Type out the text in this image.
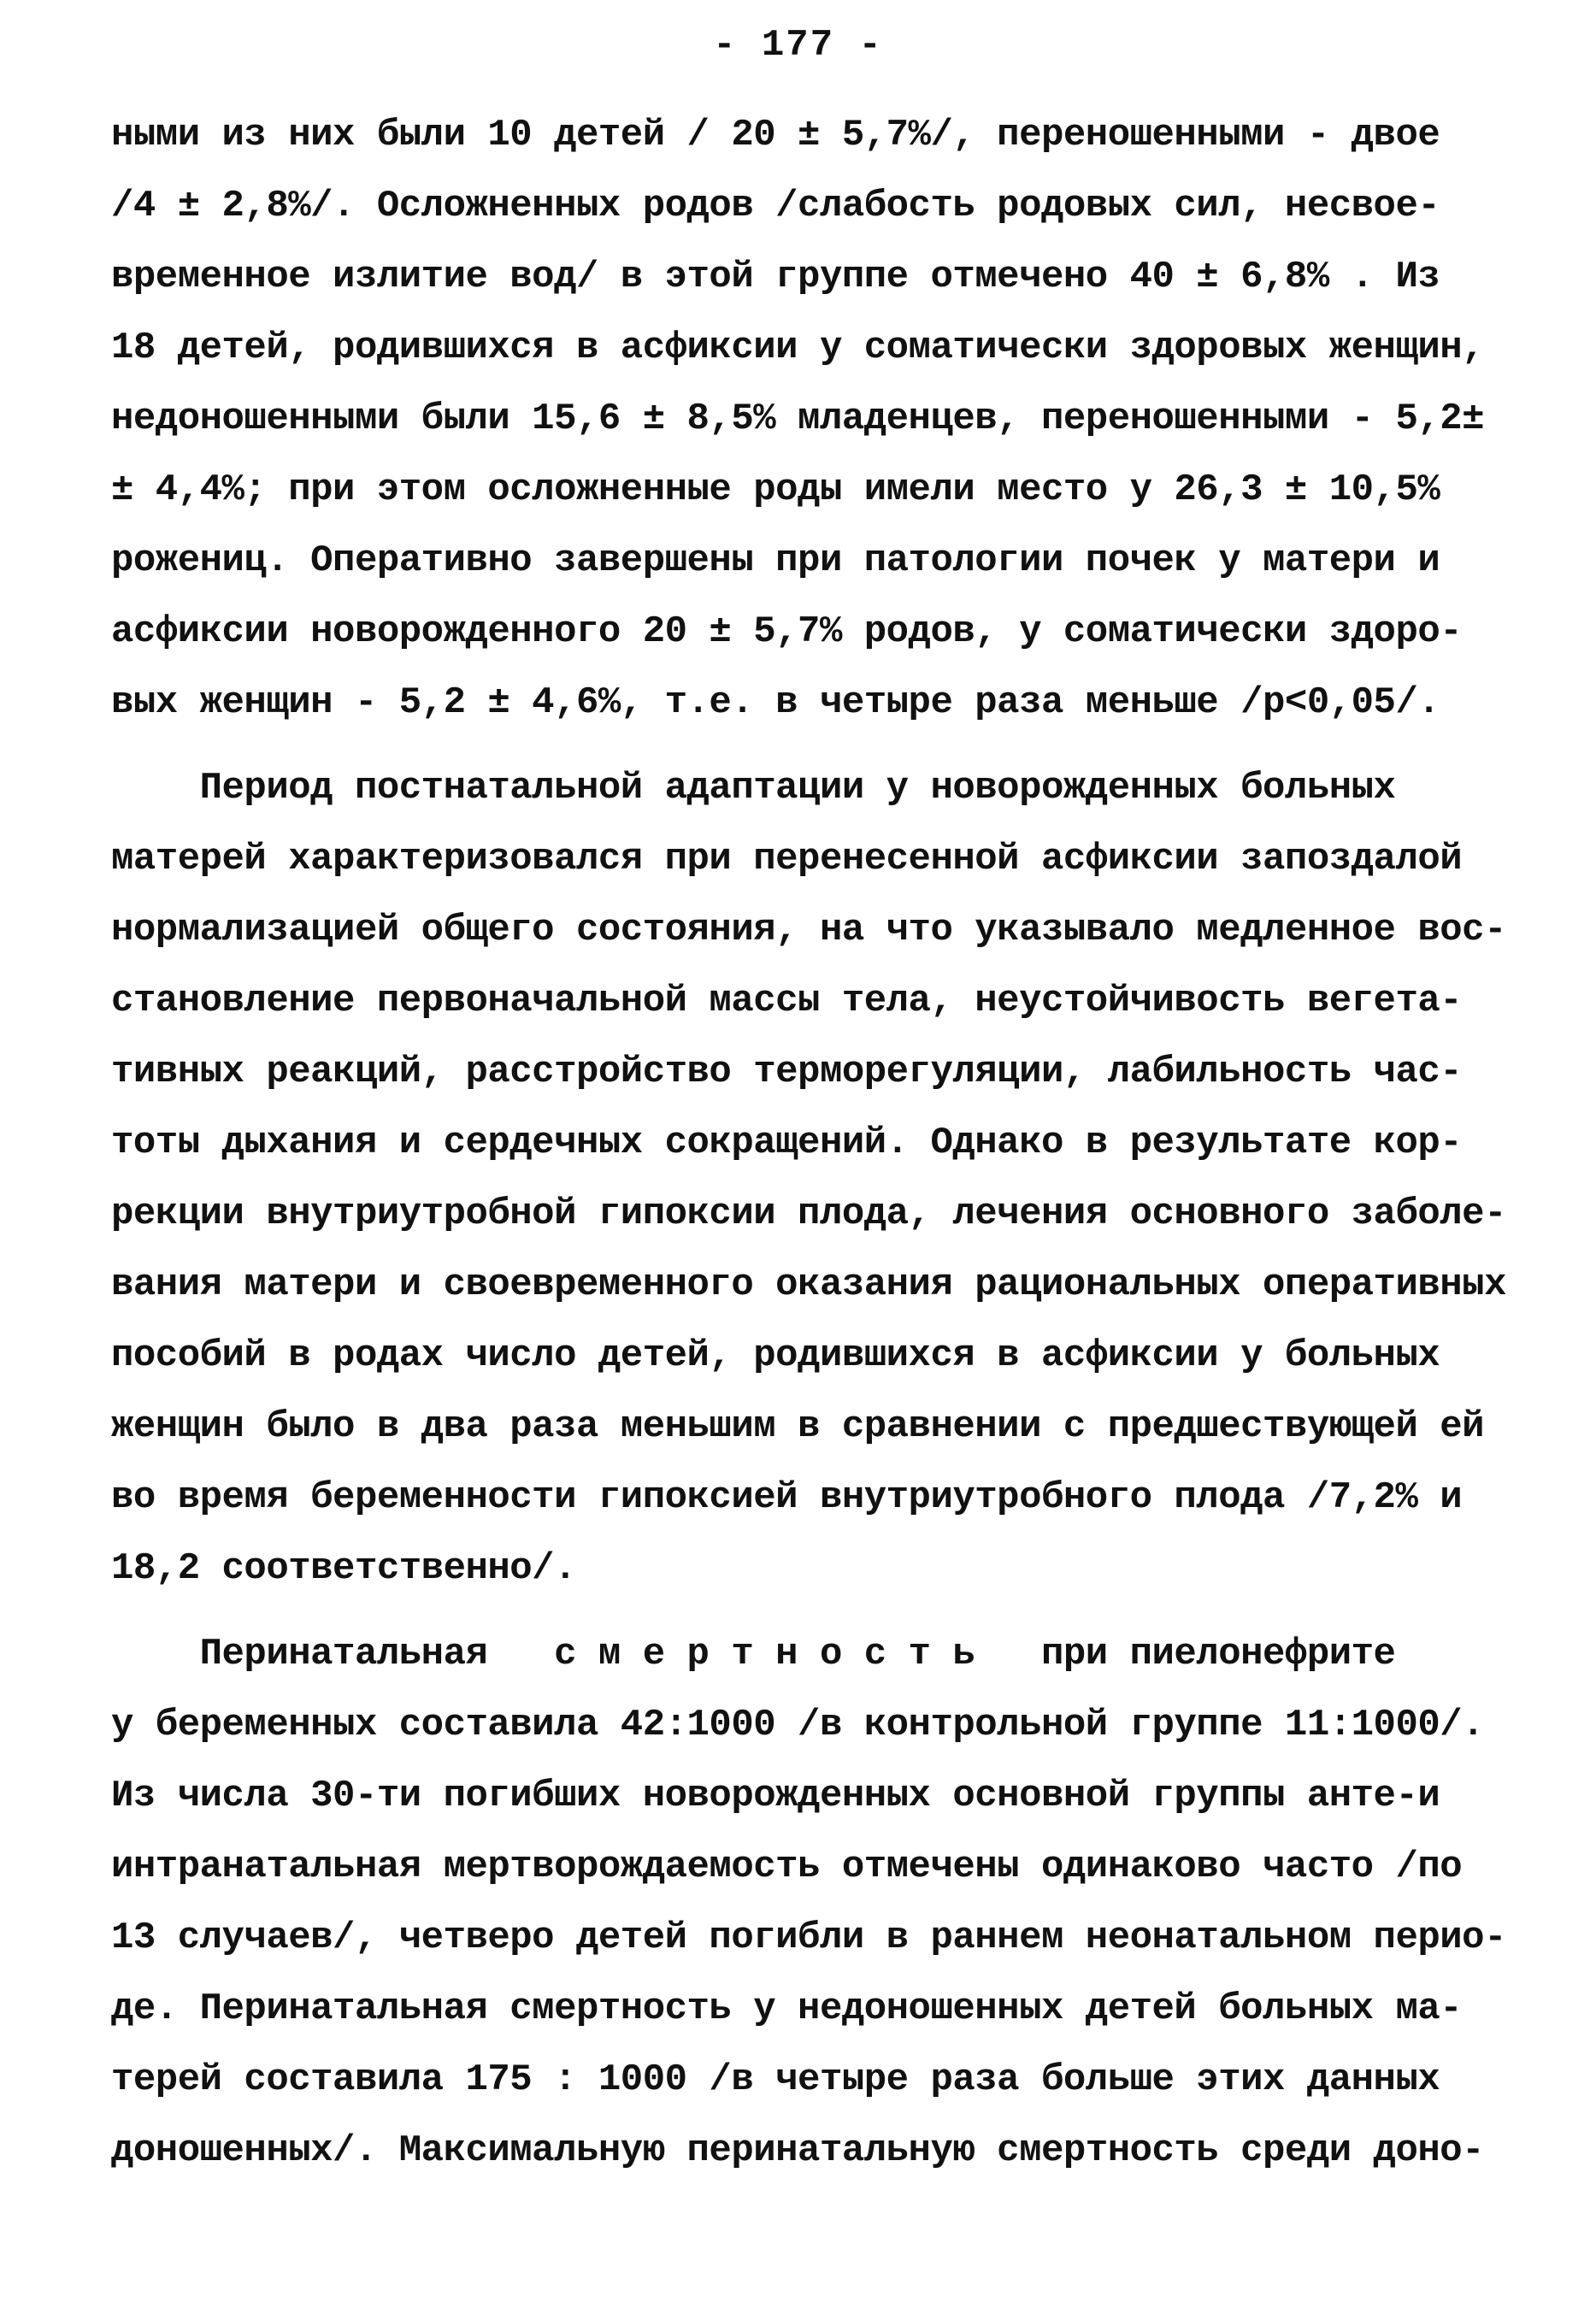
- 177 -
ными из них были 10 детей / 20 ± 5,7%/, переношенными - двое
/4 ± 2,8%/. Осложненных родов /слабость родовых сил, несвое-
временное излитие вод/ в этой группе отмечено 40 ± 6,8% . Из
18 детей, родившихся в асфиксии у соматически здоровых женщин,
недоношенными были 15,6 ± 8,5% младенцев, переношенными - 5,2±
± 4,4%; при этом осложненные роды имели место у 26,3 ± 10,5%
рожениц. Оперативно завершены при патологии почек у матери и
асфиксии новорожденного 20 ± 5,7% родов, у соматически здоро-
вых женщин - 5,2 ± 4,6%, т.е. в четыре раза меньше /р<0,05/.
Период постнатальной адаптации у новорожденных больных
матерей характеризовался при перенесенной асфиксии запоздалой
нормализацией общего состояния, на что указывало медленное вос-
становление первоначальной массы тела, неустойчивость вегета-
тивных реакций, расстройство терморегуляции, лабильность час-
тоты дыхания и сердечных сокращений. Однако в результате кор-
рекции внутриутробной гипоксии плода, лечения основного заболе-
вания матери и своевременного оказания рациональных оперативных
пособий в родах число детей, родившихся в асфиксии у больных
женщин было в два раза меньшим в сравнении с предшествующей ей
во время беременности гипоксией внутриутробного плода /7,2% и
18,2 соответственно/.
Перинатальная   с м е р т н о с т ь   при пиелонефрите
у беременных составила 42:1000 /в контрольной группе 11:1000/.
Из числа 30-ти погибших новорожденных основной группы анте-и
интранатальная мертворождаемость отмечены одинаково часто /по
13 случаев/, четверо детей погибли в раннем неонатальном перио-
де. Перинатальная смертность у недоношенных детей больных ма-
терей составила 175 : 1000 /в четыре раза больше этих данных
доношенных/. Максимальную перинатальную смертность среди доно-
